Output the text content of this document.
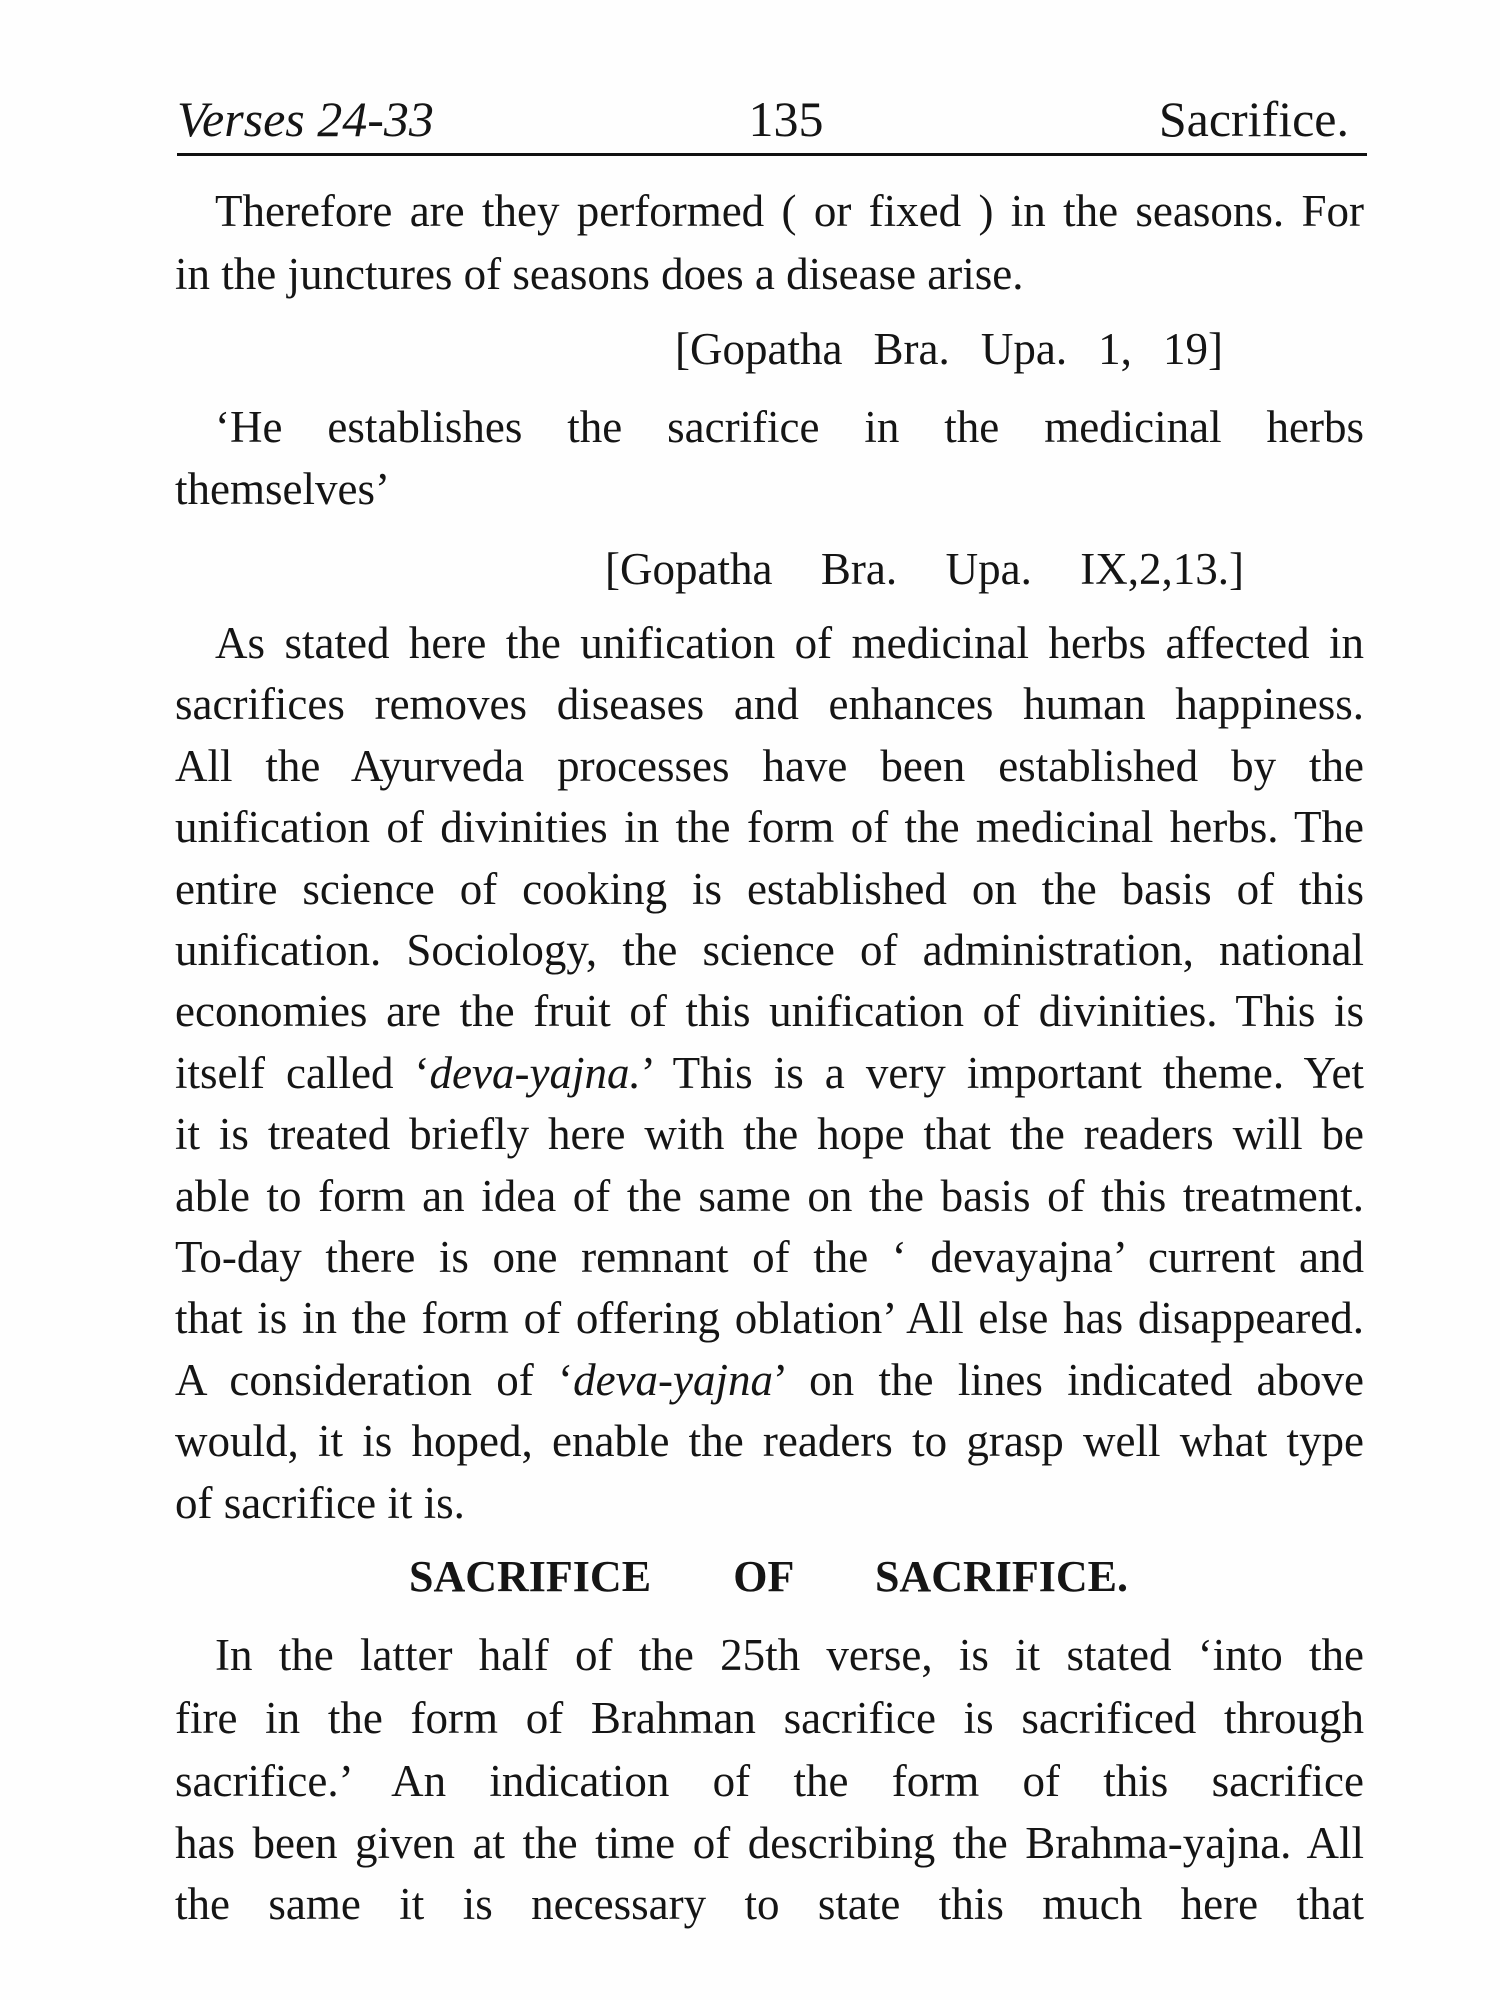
Verses 24-33	135	Sacrifice.
Therefore are they performed ( or fixed ) in the seasons. For
in the junctures of seasons does a disease arise.
[Gopatha Bra. Upa. 1, 19]
‘He establishes the sacrifice in the medicinal herbs
themselves’
[Gopatha Bra. Upa. IX,2,13.]
As stated here the unification of medicinal herbs affected in
sacrifices removes diseases and enhances human happiness.
All the Ayurveda processes have been established by the
unification of divinities in the form of the medicinal herbs. The
entire science of cooking is established on the basis of this
unification. Sociology, the science of administration, national
economies are the fruit of this unification of divinities. This is
itself called ‘deva-yajna.’ This is a very important theme. Yet
it is treated briefly here with the hope that the readers will be
able to form an idea of the same on the basis of this treatment.
To-day there is one remnant of the ‘ devayajna’ current and
that is in the form of offering oblation’ All else has disappeared.
A consideration of ‘deva-yajna’ on the lines indicated above
would, it is hoped, enable the readers to grasp well what type
of sacrifice it is.
SACRIFICE OF SACRIFICE.
In the latter half of the 25th verse, is it stated ‘into the
fire in the form of Brahman sacrifice is sacrificed through
sacrifice.’ An indication of the form of this sacrifice
has been given at the time of describing the Brahma-yajna. All
the same it is necessary to state this much here that
